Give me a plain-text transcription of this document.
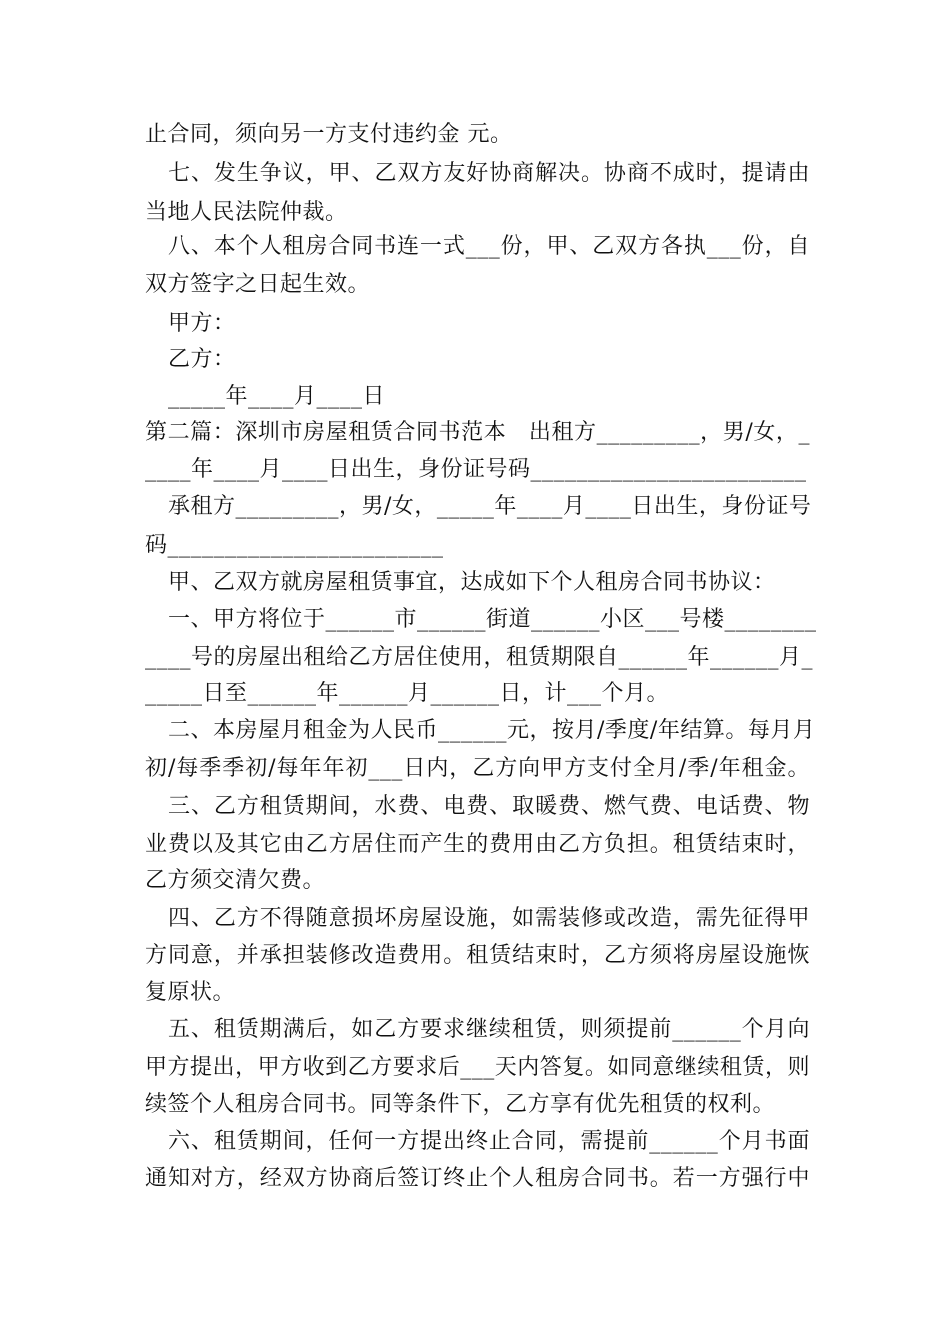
止合同，须向另一方支付违约金 元。
七、发生争议，甲、乙双方友好协商解决。协商不成时，提请由
当地人民法院仲裁。
八、本个人租房合同书连一式___份，甲、乙双方各执___份，自
双方签字之日起生效。
甲方：
乙方：
_____年____月____日
第二篇：深圳市房屋租赁合同书范本　出租方_________，男/女，_
____年____月____日出生，身份证号码________________________
承租方_________，男/女，_____年____月____日出生，身份证号
码________________________
甲、乙双方就房屋租赁事宜，达成如下个人租房合同书协议：
一、甲方将位于______市______街道______小区___号楼________
____号的房屋出租给乙方居住使用，租赁期限自______年______月_
_____日至______年______月______日，计___个月。
二、本房屋月租金为人民币______元，按月/季度/年结算。每月月
初/每季季初/每年年初___日内，乙方向甲方支付全月/季/年租金。
三、乙方租赁期间，水费、电费、取暖费、燃气费、电话费、物
业费以及其它由乙方居住而产生的费用由乙方负担。租赁结束时，
乙方须交清欠费。
四、乙方不得随意损坏房屋设施，如需装修或改造，需先征得甲
方同意，并承担装修改造费用。租赁结束时，乙方须将房屋设施恢
复原状。
五、租赁期满后，如乙方要求继续租赁，则须提前______个月向
甲方提出，甲方收到乙方要求后___天内答复。如同意继续租赁，则
续签个人租房合同书。同等条件下，乙方享有优先租赁的权利。
六、租赁期间，任何一方提出终止合同，需提前______个月书面
通知对方，经双方协商后签订终止个人租房合同书。若一方强行中
